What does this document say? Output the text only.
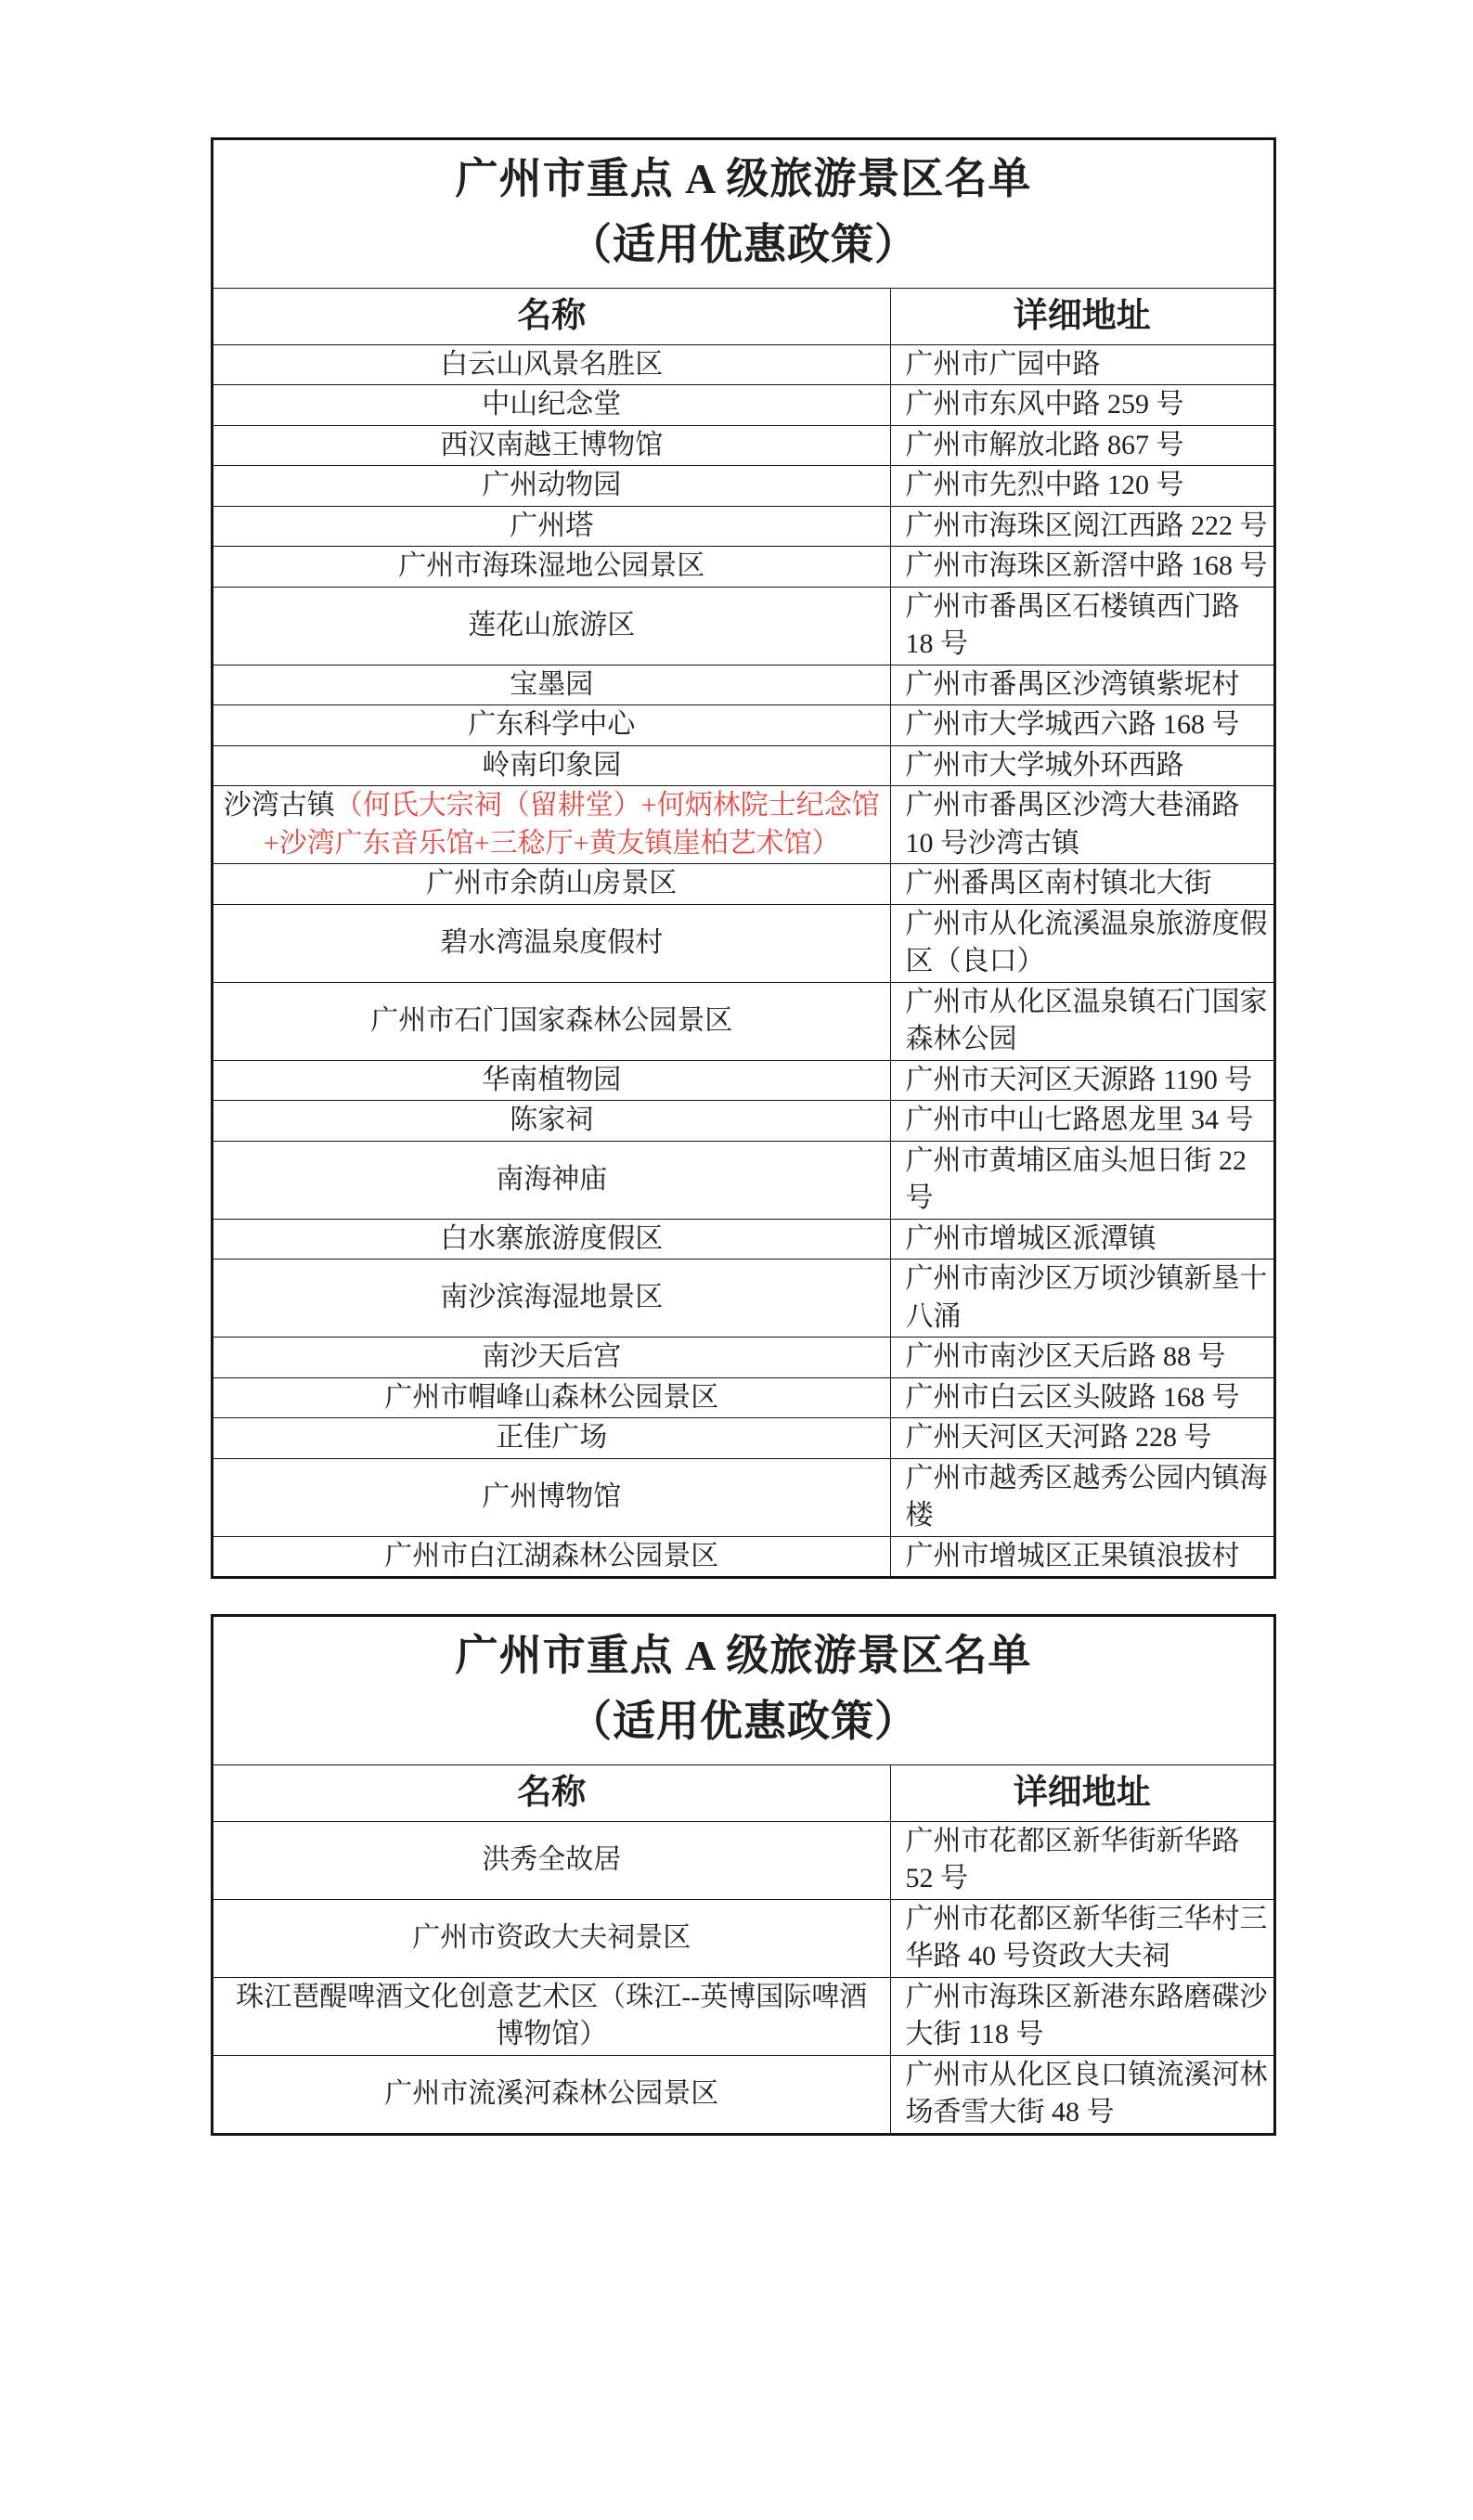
广州市重点 A 级旅游景区名单
（适用优惠政策）	

名称	详细地址
白云山风景名胜区	广州市广园中路
中山纪念堂	广州市东风中路 259 号
西汉南越王博物馆	广州市解放北路 867 号
广州动物园	广州市先烈中路 120 号
广州塔	广州市海珠区阅江西路 222 号
广州市海珠湿地公园景区	广州市海珠区新滘中路 168 号
莲花山旅游区	广州市番禺区石楼镇西门路 18 号
宝墨园	广州市番禺区沙湾镇紫坭村
广东科学中心	广州市大学城西六路 168 号
岭南印象园	广州市大学城外环西路
沙湾古镇（何氏大宗祠（留耕堂）+何炳林院士纪念馆+沙湾广东音乐馆+三稔厅+黄友镇崖柏艺术馆）	广州市番禺区沙湾大巷涌路 10 号沙湾古镇
广州市余荫山房景区	广州番禺区南村镇北大街
碧水湾温泉度假村	广州市从化流溪温泉旅游度假区（良口）
广州市石门国家森林公园景区	广州市从化区温泉镇石门国家森林公园
华南植物园	广州市天河区天源路 1190 号
陈家祠	广州市中山七路恩龙里 34 号
南海神庙	广州市黄埔区庙头旭日街 22 号
白水寨旅游度假区	广州市增城区派潭镇
南沙滨海湿地景区	广州市南沙区万顷沙镇新垦十八涌
南沙天后宫	广州市南沙区天后路 88 号
广州市帽峰山森林公园景区	广州市白云区头陂路 168 号
正佳广场	广州天河区天河路 228 号
广州博物馆	广州市越秀区越秀公园内镇海楼
广州市白江湖森林公园景区	广州市增城区正果镇浪拔村
广州市重点 A 级旅游景区名单
（适用优惠政策）	

名称	详细地址
洪秀全故居	广州市花都区新华街新华路 52 号
广州市资政大夫祠景区	广州市花都区新华街三华村三华路 40 号资政大夫祠
珠江琶醍啤酒文化创意艺术区（珠江--英博国际啤酒博物馆）	广州市海珠区新港东路磨碟沙大街 118 号
广州市流溪河森林公园景区	广州市从化区良口镇流溪河林场香雪大街 48 号
